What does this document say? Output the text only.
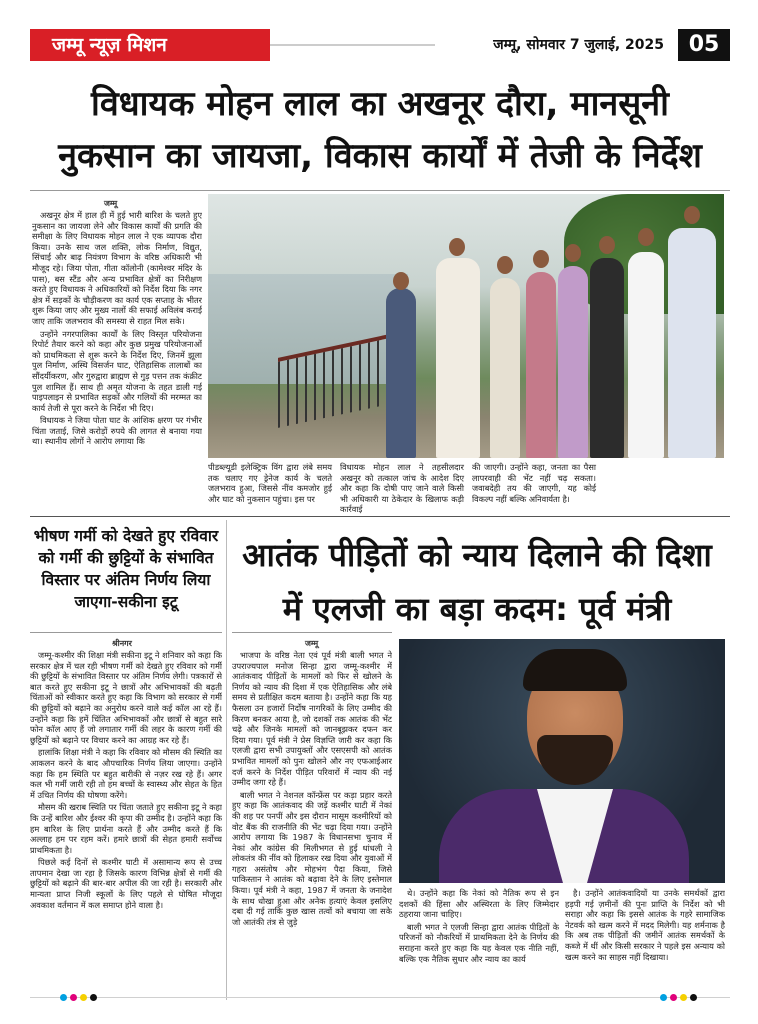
जम्मू न्यूज़ मिशन	जम्मू, सोमवार 7 जुलाई, 2025	05
विधायक मोहन लाल का अखनूर दौरा, मानसूनी
नुकसान का जायजा, विकास कार्यों में तेजी के निर्देश
जम्मू

अखनूर क्षेत्र में हाल ही में हुई भारी बारिश के चलते हुए नुकसान का जायजा लेने और विकास कार्यों की प्रगति की समीक्षा के लिए विधायक मोहन लाल ने एक व्यापक दौरा किया। उनके साथ जल शक्ति, लोक निर्माण, विद्युत, सिंचाई और बाढ़ नियंत्रण विभाग के वरिष्ठ अधिकारी भी मौजूद रहे। जिया पोता, गीता कॉलोनी (कामेश्वर मंदिर के पास), बस स्टैंड और अन्य प्रभावित क्षेत्रों का निरीक्षण करते हुए विधायक ने अधिकारियों को निर्देश दिया कि नगर क्षेत्र में सड़कों के चौड़ीकरण का कार्य एक सप्ताह के भीतर शुरू किया जाए और मुख्य नालों की सफाई अविलंब कराई जाए ताकि जलभराव की समस्या से राहत मिल सके।

उन्होंने नगरपालिका कार्यों के लिए विस्तृत परियोजना रिपोर्ट तैयार करने को कहा और कुछ प्रमुख परियोजनाओं को प्राथमिकता से शुरू करने के निर्देश दिए, जिनमें झूला पुल निर्माण, अस्थि विसर्जन घाट, ऐतिहासिक तालाबों का सौंदर्यीकरण, और गुरुद्वारा ब्राह्मण से गुड़ पत्तन तक कंक्रीट पुल शामिल हैं। साथ ही अमृत योजना के तहत डाली गई पाइपलाइन से प्रभावित सड़कों और गलियों की मरम्मत का कार्य तेजी से पूरा करने के निर्देश भी दिए।

विधायक ने जिया पोता घाट के आंशिक क्षरण पर गंभीर चिंता जताई, जिसे करोड़ों रुपये की लागत से बनाया गया था। स्थानीय लोगों ने आरोप लगाया कि

पीडब्ल्यूडी इलेक्ट्रिक विंग द्वारा लंबे समय तक चलाए गए ड्रेनेज कार्य के चलते जलभराव हुआ, जिससे नींव कमजोर हुई और घाट को नुकसान पहुंचा। इस पर
विधायक मोहन लाल ने तहसीलदार अखनूर को तत्काल जांच के आदेश दिए और कहा कि दोषी पाए जाने वाले किसी भी अधिकारी या ठेकेदार के खिलाफ कड़ी कार्रवाई
की जाएगी। उन्होंने कहा, जनता का पैसा लापरवाही की भेंट नहीं चढ़ सकता। जवाबदेही तय की जाएगी, यह कोई विकल्प नहीं बल्कि अनिवार्यता है।
भीषण गर्मी को देखते हुए रविवार को गर्मी की छुट्टियों के संभावित विस्तार पर अंतिम निर्णय लिया जाएगा-सकीना इटू
आतंक पीड़ितों को न्याय दिलाने की दिशा
में एलजी का बड़ा कदम: पूर्व मंत्री
श्रीनगर

जम्मू-कश्मीर की शिक्षा मंत्री सकीना इटू ने शनिवार को कहा कि सरकार क्षेत्र में चल रही भीषण गर्मी को देखते हुए रविवार को गर्मी की छुट्टियों के संभावित विस्तार पर अंतिम निर्णय लेगी। पत्रकारों से बात करते हुए सकीना इटू ने छात्रों और अभिभावकों की बढ़ती चिंताओं को स्वीकार करते हुए कहा कि विभाग को सरकार से गर्मी की छुट्टियों को बढ़ाने का अनुरोध करने वाले कई कॉल आ रहे हैं। उन्होंने कहा कि हमें चिंतित अभिभावकों और छात्रों से बहुत सारे फोन कॉल आए हैं जो लगातार गर्मी की लहर के कारण गर्मी की छुट्टियों को बढ़ाने पर विचार करने का आग्रह कर रहे हैं।

हालांकि शिक्षा मंत्री ने कहा कि रविवार को मौसम की स्थिति का आकलन करने के बाद औपचारिक निर्णय लिया जाएगा। उन्होंने कहा कि हम स्थिति पर बहुत बारीकी से नज़र रख रहे हैं। अगर कल भी गर्मी जारी रही तो हम बच्चों के स्वास्थ्य और सेहत के हित में उचित निर्णय की घोषणा करेंगे।

मौसम की खराब स्थिति पर चिंता जताते हुए सकीना इटू ने कहा कि उन्हें बारिश और ईश्वर की कृपा की उम्मीद है। उन्होंने कहा कि हम बारिश के लिए प्रार्थना करते हैं और उम्मीद करते हैं कि अल्लाह हम पर रहम करें। हमारे छात्रों की सेहत हमारी सर्वोच्च प्राथमिकता है।

पिछले कई दिनों से कश्मीर घाटी में असामान्य रूप से उच्च तापमान देखा जा रहा है जिसके कारण विभिन्न क्षेत्रों से गर्मी की छुट्टियों को बढ़ाने की बार-बार अपील की जा रही है। सरकारी और मान्यता प्राप्त निजी स्कूलों के लिए पहले से घोषित मौजूदा अवकाश वर्तमान में कल समाप्त होने वाला है।

जम्मू

भाजपा के वरिष्ठ नेता एवं पूर्व मंत्री बाली भगत ने उपराज्यपाल मनोज सिन्हा द्वारा जम्मू-कश्मीर में आतंकवाद पीड़ितों के मामलों को फिर से खोलने के निर्णय को न्याय की दिशा में एक ऐतिहासिक और लंबे समय से प्रतीक्षित कदम बताया है। उन्होंने कहा कि यह फैसला उन हजारों निर्दोष नागरिकों के लिए उम्मीद की किरण बनकर आया है, जो दशकों तक आतंक की भेंट चढ़े और जिनके मामलों को जानबूझकर दफन कर दिया गया। पूर्व मंत्री ने प्रेस विज्ञप्ति जारी कर कहा कि एलजी द्वारा सभी उपायुक्तों और एसएसपी को आतंक प्रभावित मामलों को पुनः खोलने और नए एफआईआर दर्ज करने के निर्देश पीड़ित परिवारों में न्याय की नई उम्मीद जगा रहे हैं।

बाली भगत ने नेशनल कॉन्फ्रेंस पर कड़ा प्रहार करते हुए कहा कि आतंकवाद की जड़ें कश्मीर घाटी में नेकां की शह पर पनपीं और इस दौरान मासूम कश्मीरियों को वोट बैंक की राजनीति की भेंट चढ़ा दिया गया। उन्होंने आरोप लगाया कि 1987 के विधानसभा चुनाव में नेकां और कांग्रेस की मिलीभगत से हुई धांधली ने लोकतंत्र की नींव को हिलाकर रख दिया और युवाओं में गहरा असंतोष और मोहभंग पैदा किया, जिसे पाकिस्तान ने आतंक को बढ़ावा देने के लिए इस्तेमाल किया। पूर्व मंत्री ने कहा, 1987 में जनता के जनादेश के साथ धोखा हुआ और अनेक हत्याएं केवल इसलिए दबा दी गई ताकि कुछ खास तत्वों को बचाया जा सके जो आतंकी तंत्र से जुड़े

थे। उन्होंने कहा कि नेकां को नैतिक रूप से इन दशकों की हिंसा और अस्थिरता के लिए जिम्मेदार ठहराया जाना चाहिए।

बाली भगत ने एलजी सिन्हा द्वारा आतंक पीड़ितों के परिजनों को नौकरियों में प्राथमिकता देने के निर्णय की सराहना करते हुए कहा कि यह केवल एक नीति नहीं, बल्कि एक नैतिक सुधार और न्याय का कार्य

है। उन्होंने आतंकवादियों या उनके समर्थकों द्वारा हड़पी गई ज़मीनों की पुनः प्राप्ति के निर्देश को भी सराहा और कहा कि इससे आतंक के गहरे सामाजिक नेटवर्क को खत्म करने में मदद मिलेगी। यह शर्मनाक है कि अब तक पीड़ितों की जमीनें आतंक समर्थकों के कब्जे में थीं और किसी सरकार ने पहले इस अन्याय को खत्म करने का साहस नहीं दिखाया।
